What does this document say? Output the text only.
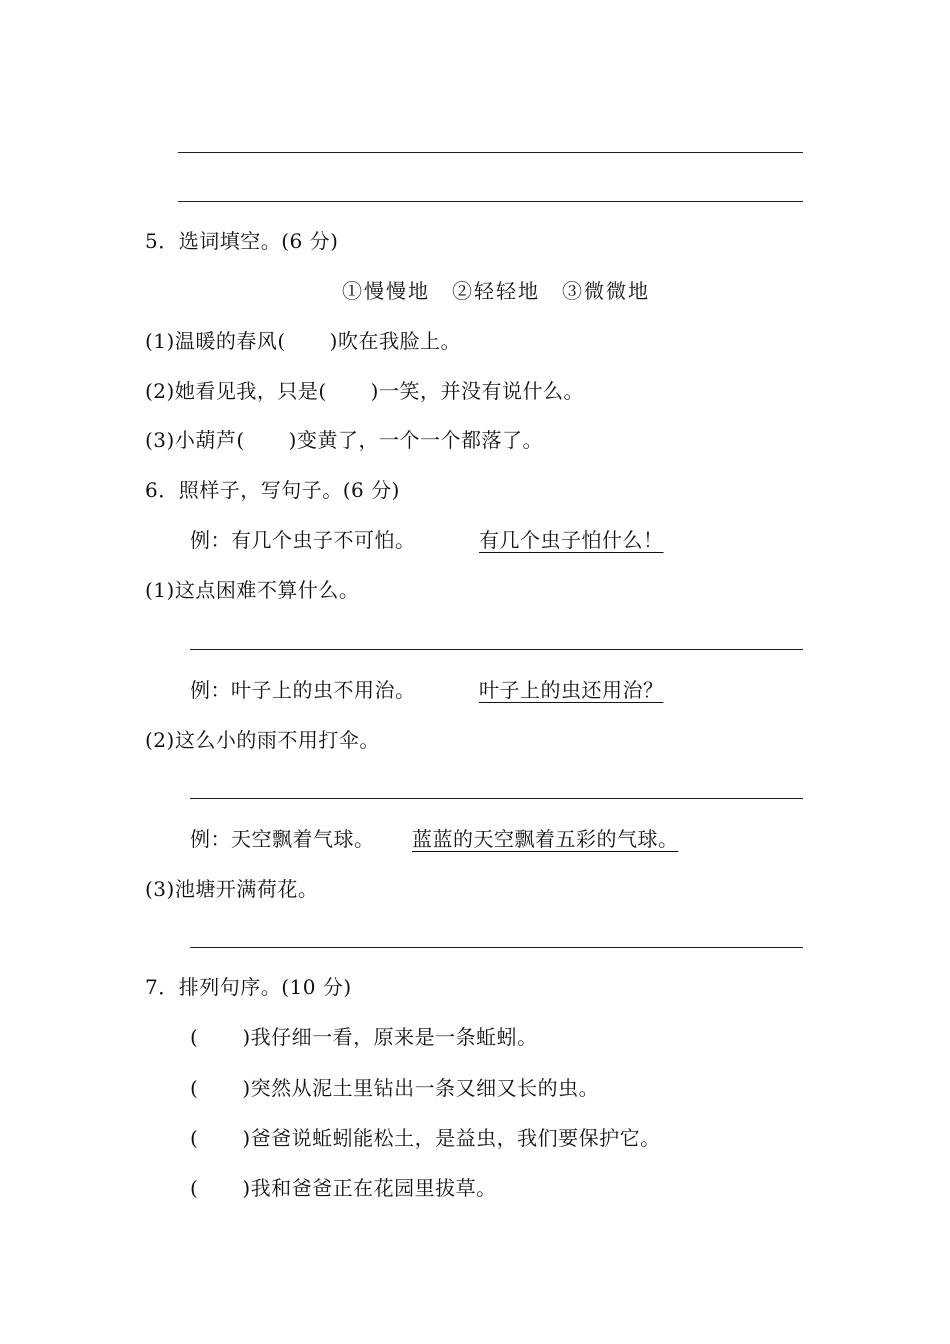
5．选词填空。(6 分)
①慢慢地　②轻轻地　③微微地
(1)温暖的春风( )吹在我脸上。
(2)她看见我，只是( )一笑，并没有说什么。
(3)小葫芦( )变黄了，一个一个都落了。
6．照样子，写句子。(6 分)
例：有几个虫子不可怕。	有几个虫子怕什么！
(1)这点困难不算什么。
例：叶子上的虫不用治。	叶子上的虫还用治？
(2)这么小的雨不用打伞。
例：天空飘着气球。 蓝蓝的天空飘着五彩的气球。
(3)池塘开满荷花。
7．排列句序。(10 分)
( )我仔细一看，原来是一条蚯蚓。
( )突然从泥土里钻出一条又细又长的虫。
( )爸爸说蚯蚓能松土，是益虫，我们要保护它。
( )我和爸爸正在花园里拔草。
